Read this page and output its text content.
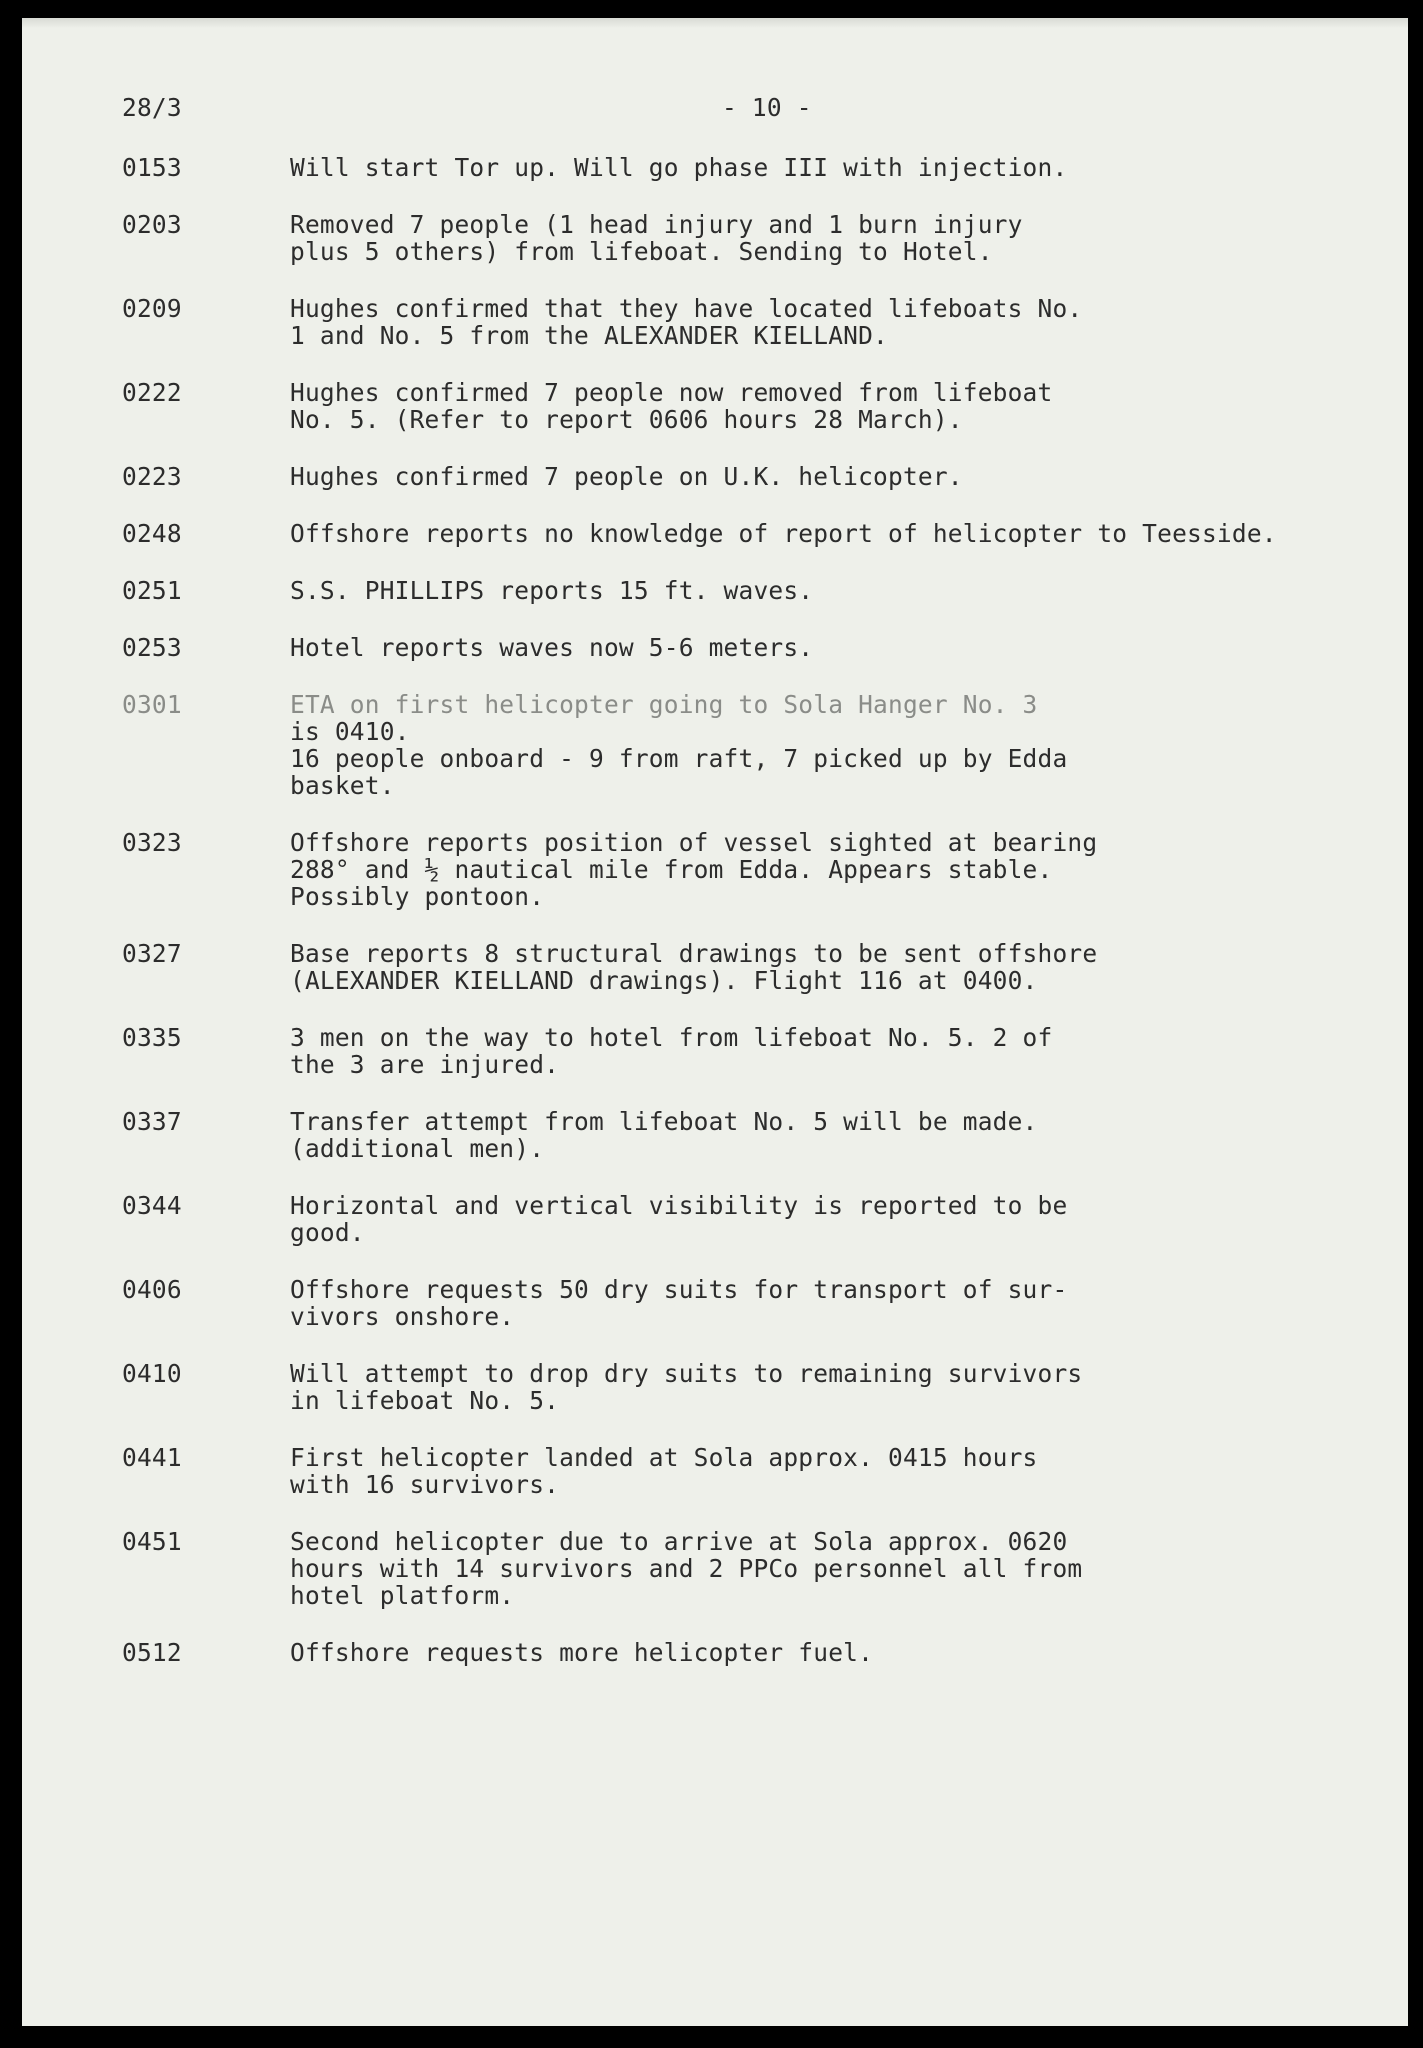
28/3	- 10 -
0153	Will start Tor up. Will go phase III with injection.
0203	Removed 7 people (1 head injury and 1 burn injury
plus 5 others) from lifeboat. Sending to Hotel.
0209	Hughes confirmed that they have located lifeboats No.
1 and No. 5 from the ALEXANDER KIELLAND.
0222	Hughes confirmed 7 people now removed from lifeboat
No. 5. (Refer to report 0606 hours 28 March).
0223	Hughes confirmed 7 people on U.K. helicopter.
0248	Offshore reports no knowledge of report of helicopter to Teesside.
0251	S.S. PHILLIPS reports 15 ft. waves.
0253	Hotel reports waves now 5-6 meters.
0301	ETA on first helicopter going to Sola Hanger No. 3
is 0410.
16 people onboard - 9 from raft, 7 picked up by Edda
basket.
0323	Offshore reports position of vessel sighted at bearing
288° and ½ nautical mile from Edda. Appears stable.
Possibly pontoon.
0327	Base reports 8 structural drawings to be sent offshore
(ALEXANDER KIELLAND drawings). Flight 116 at 0400.
0335	3 men on the way to hotel from lifeboat No. 5. 2 of
the 3 are injured.
0337	Transfer attempt from lifeboat No. 5 will be made.
(additional men).
0344	Horizontal and vertical visibility is reported to be
good.
0406	Offshore requests 50 dry suits for transport of sur-
vivors onshore.
0410	Will attempt to drop dry suits to remaining survivors
in lifeboat No. 5.
0441	First helicopter landed at Sola approx. 0415 hours
with 16 survivors.
0451	Second helicopter due to arrive at Sola approx. 0620
hours with 14 survivors and 2 PPCo personnel all from
hotel platform.
0512	Offshore requests more helicopter fuel.
